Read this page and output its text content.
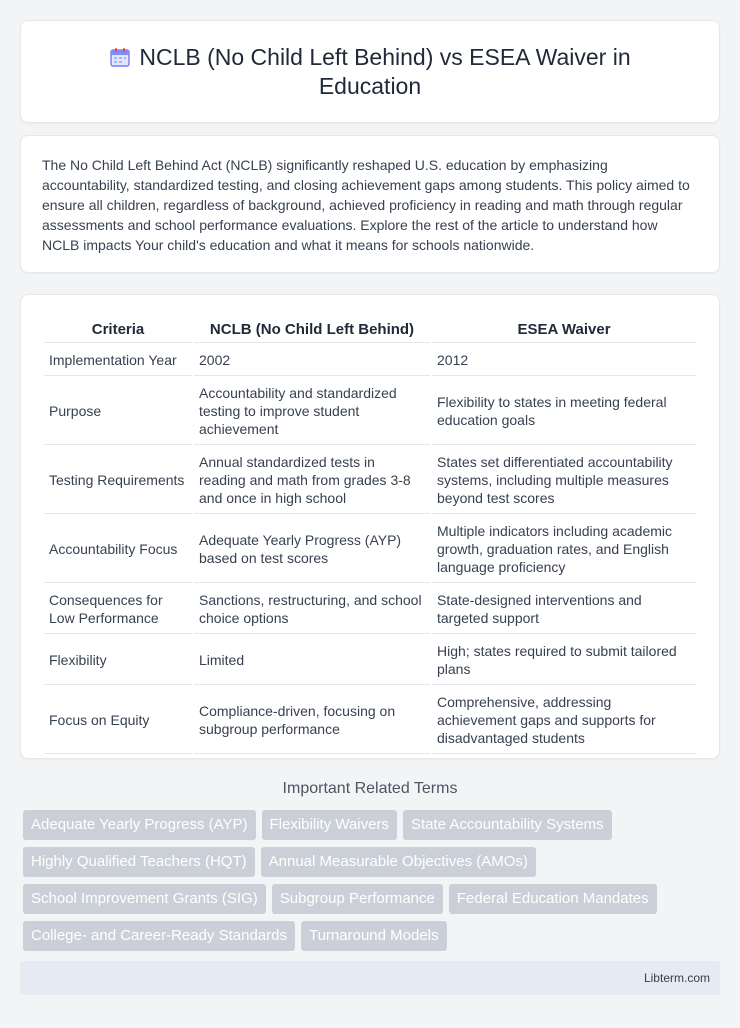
NCLB (No Child Left Behind) vs ESEA Waiver in Education

The No Child Left Behind Act (NCLB) significantly reshaped U.S. education by emphasizing accountability, standardized testing, and closing achievement gaps among students. This policy aimed to ensure all children, regardless of background, achieved proficiency in reading and math through regular assessments and school performance evaluations. Explore the rest of the article to understand how NCLB impacts Your child's education and what it means for schools nationwide.

Criteria	NCLB (No Child Left Behind)	ESEA Waiver
Implementation Year	2002	2012
Purpose	Accountability and standardized testing to improve student achievement	Flexibility to states in meeting federal education goals
Testing Requirements	Annual standardized tests in reading and math from grades 3-8 and once in high school	States set differentiated accountability systems, including multiple measures beyond test scores
Accountability Focus	Adequate Yearly Progress (AYP) based on test scores	Multiple indicators including academic growth, graduation rates, and English language proficiency
Consequences for Low Performance	Sanctions, restructuring, and school choice options	State-designed interventions and targeted support
Flexibility	Limited	High; states required to submit tailored plans
Focus on Equity	Compliance-driven, focusing on subgroup performance	Comprehensive, addressing achievement gaps and supports for disadvantaged students
Important Related Terms
Adequate Yearly Progress (AYP)	Flexibility Waivers	State Accountability Systems
Highly Qualified Teachers (HQT)	Annual Measurable Objectives (AMOs)
School Improvement Grants (SIG)	Subgroup Performance	Federal Education Mandates
College- and Career-Ready Standards	Turnaround Models
Libterm.com
